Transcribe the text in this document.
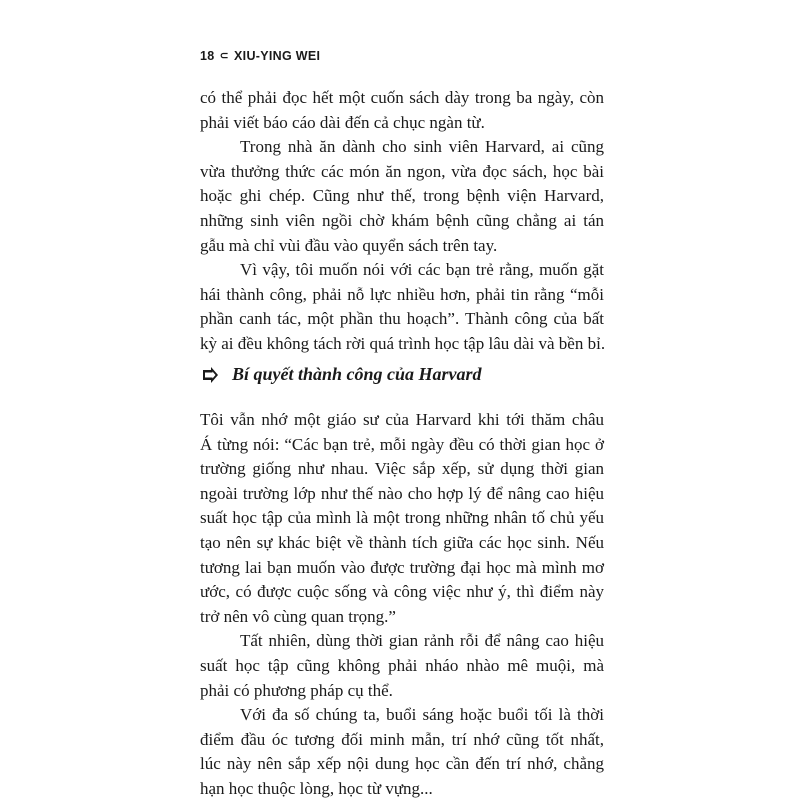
18 ⊂ XIU-YING WEI

có thể phải đọc hết một cuốn sách dày trong ba ngày, còn
phải viết báo cáo dài đến cả chục ngàn từ.

Trong nhà ăn dành cho sinh viên Harvard, ai cũng
vừa thưởng thức các món ăn ngon, vừa đọc sách, học bài
hoặc ghi chép. Cũng như thế, trong bệnh viện Harvard,
những sinh viên ngồi chờ khám bệnh cũng chẳng ai tán
gẫu mà chỉ vùi đầu vào quyển sách trên tay.

Vì vậy, tôi muốn nói với các bạn trẻ rằng, muốn gặt
hái thành công, phải nỗ lực nhiều hơn, phải tin rằng “mỗi
phần canh tác, một phần thu hoạch”. Thành công của bất
kỳ ai đều không tách rời quá trình học tập lâu dài và bền bỉ.

Bí quyết thành công của Harvard

Tôi vẫn nhớ một giáo sư của Harvard khi tới thăm châu
Á từng nói: “Các bạn trẻ, mỗi ngày đều có thời gian học ở
trường giống như nhau. Việc sắp xếp, sử dụng thời gian
ngoài trường lớp như thế nào cho hợp lý để nâng cao hiệu
suất học tập của mình là một trong những nhân tố chủ yếu
tạo nên sự khác biệt về thành tích giữa các học sinh. Nếu
tương lai bạn muốn vào được trường đại học mà mình mơ
ước, có được cuộc sống và công việc như ý, thì điểm này
trở nên vô cùng quan trọng.”

Tất nhiên, dùng thời gian rảnh rỗi để nâng cao hiệu
suất học tập cũng không phải nháo nhào mê muội, mà
phải có phương pháp cụ thể.

Với đa số chúng ta, buổi sáng hoặc buổi tối là thời
điểm đầu óc tương đối minh mẫn, trí nhớ cũng tốt nhất,
lúc này nên sắp xếp nội dung học cần đến trí nhớ, chẳng
hạn học thuộc lòng, học từ vựng...
